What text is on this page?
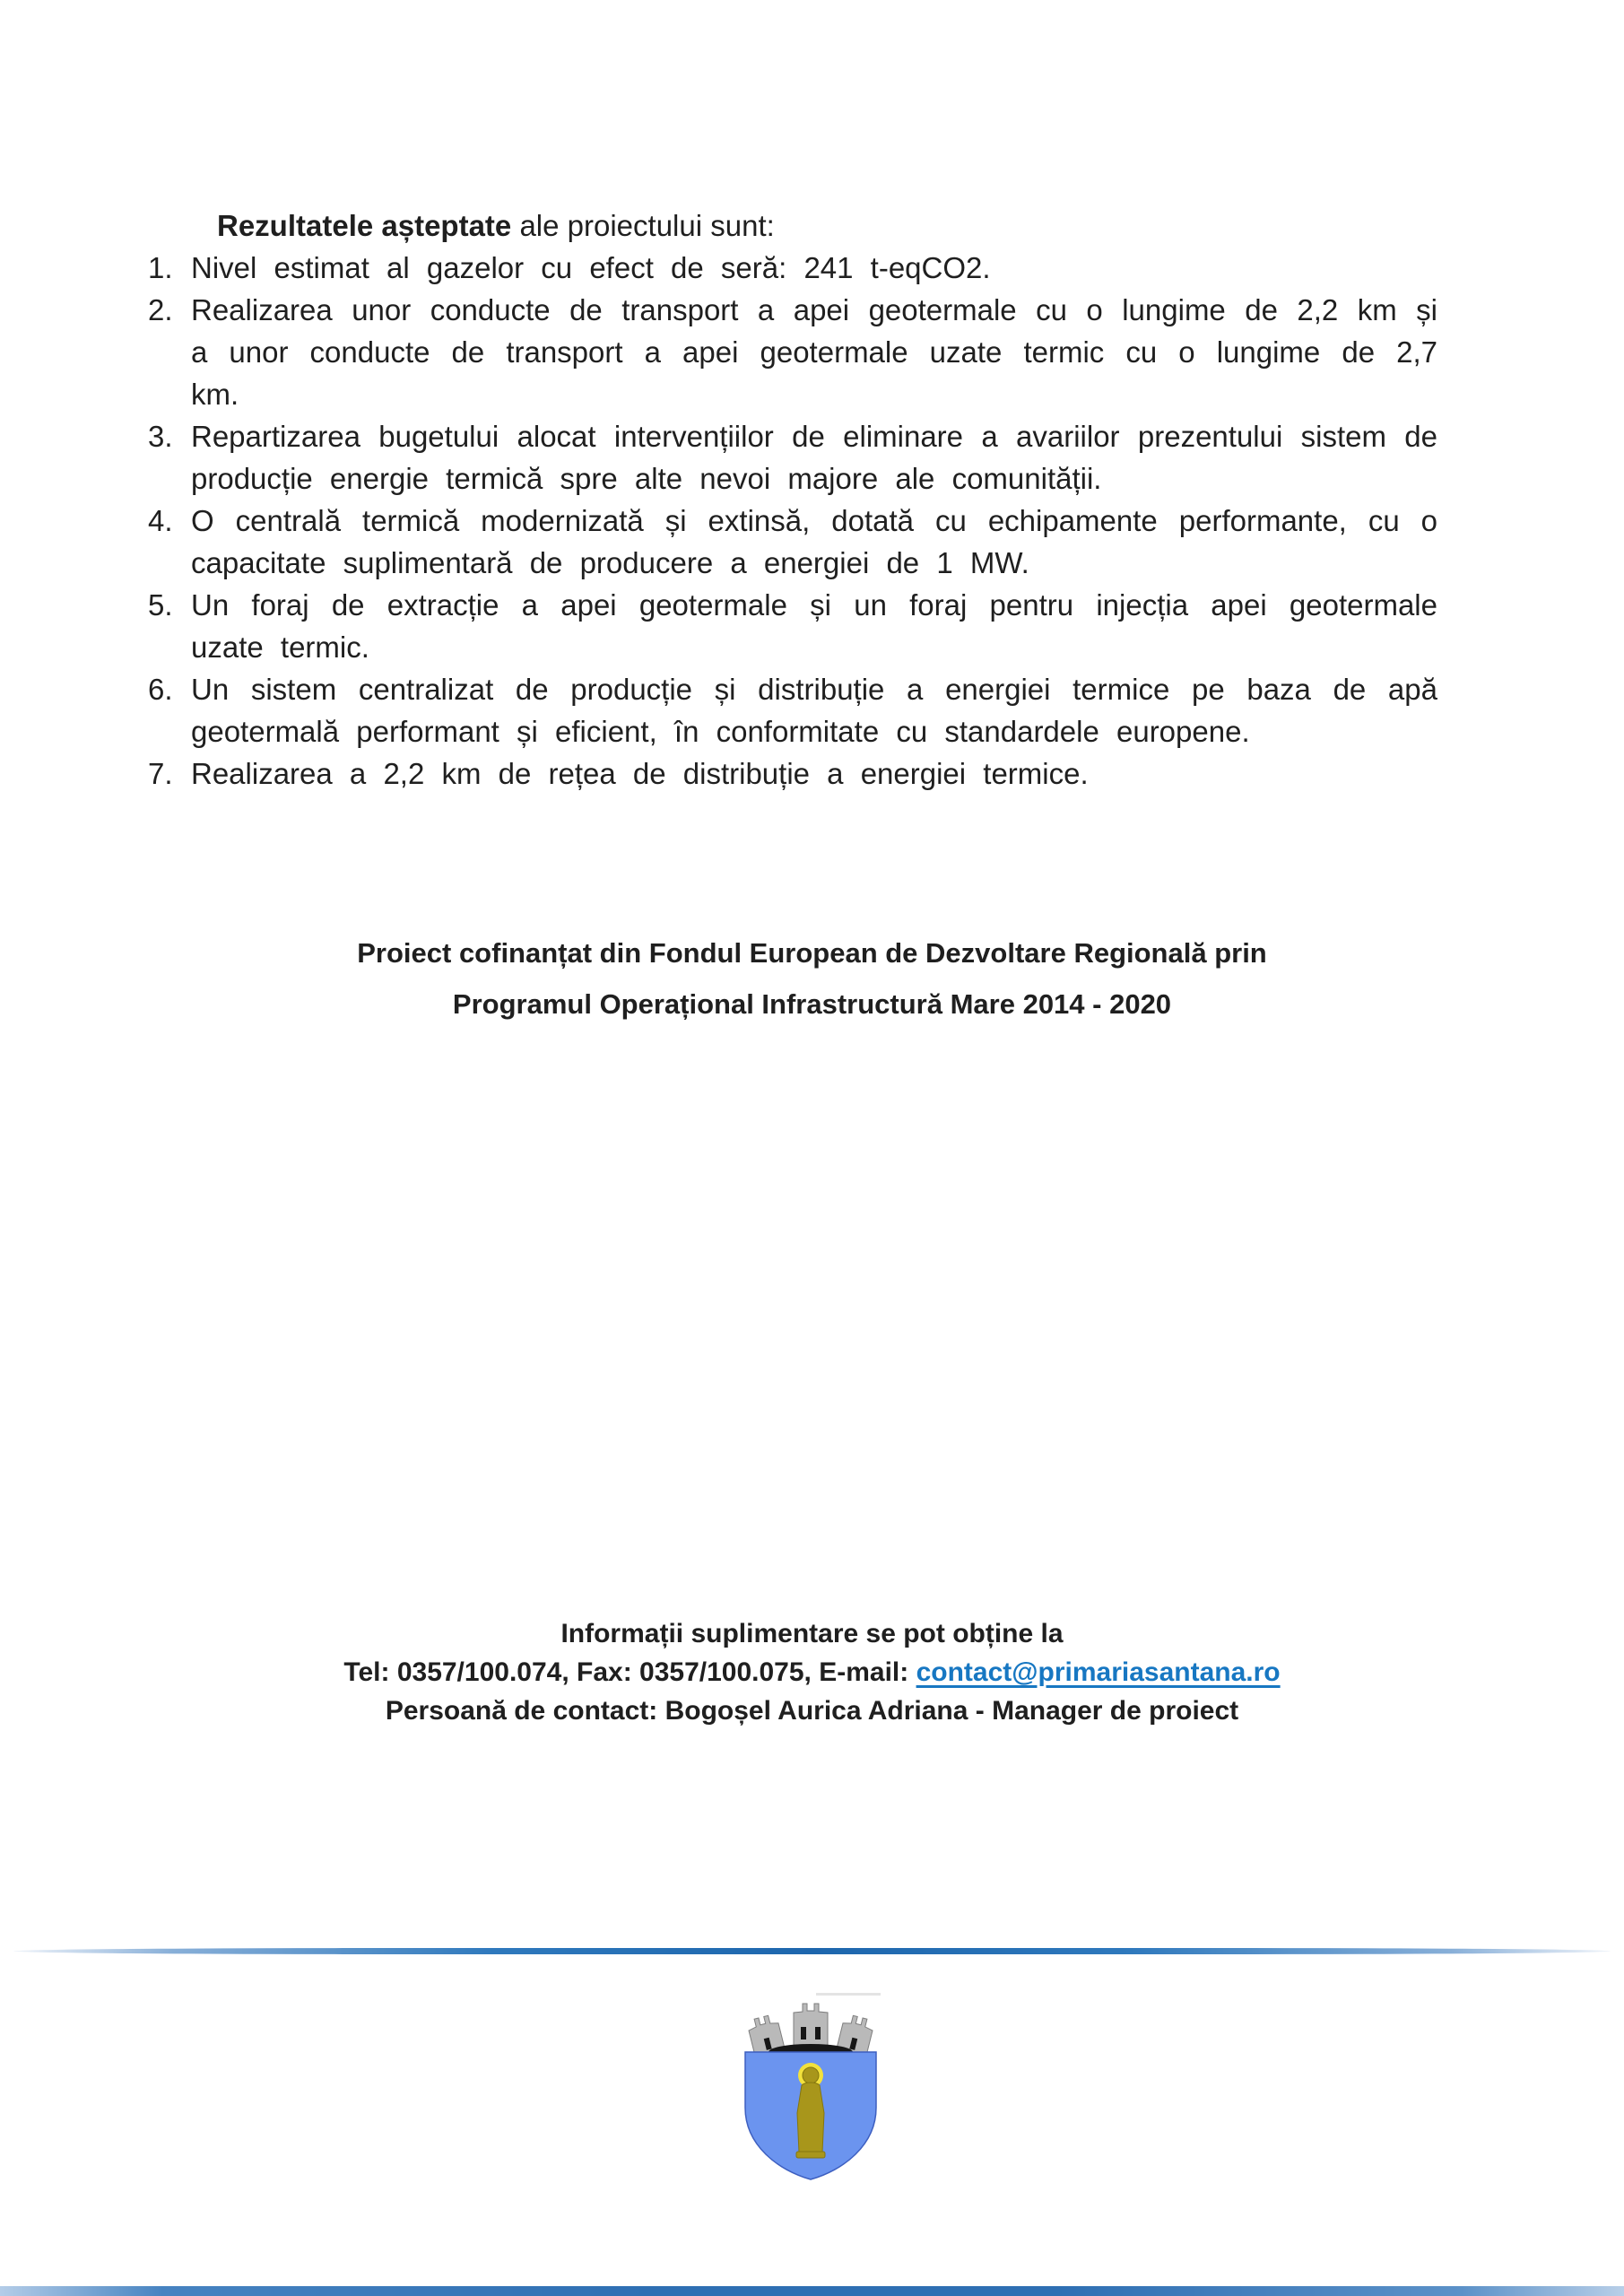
Rezultatele așteptate ale proiectului sunt:

1. Nivel estimat al gazelor cu efect de seră: 241 t-eqCO2.
2. Realizarea unor conducte de transport a apei geotermale cu o lungime de 2,2 km și a unor conducte de transport a apei geotermale uzate termic cu o lungime de 2,7 km.
3. Repartizarea bugetului alocat intervențiilor de eliminare a avariilor prezentului sistem de producție energie termică spre alte nevoi majore ale comunității.
4. O centrală termică modernizată și extinsă, dotată cu echipamente performante, cu o capacitate suplimentară de producere a energiei de 1 MW.
5. Un foraj de extracție a apei geotermale și un foraj pentru injecția apei geotermale uzate termic.
6. Un sistem centralizat de producție și distribuție a energiei termice pe baza de apă geotermală performant și eficient, în conformitate cu standardele europene.
7. Realizarea a 2,2 km de rețea de distribuție a energiei termice.

Proiect cofinanțat din Fondul European de Dezvoltare Regională prin

Programul Operațional Infrastructură Mare 2014 - 2020

Informații suplimentare se pot obține la

Tel: 0357/100.074, Fax: 0357/100.075, E-mail: contact@primariasantana.ro

Persoană de contact: Bogoșel Aurica Adriana - Manager de proiect
